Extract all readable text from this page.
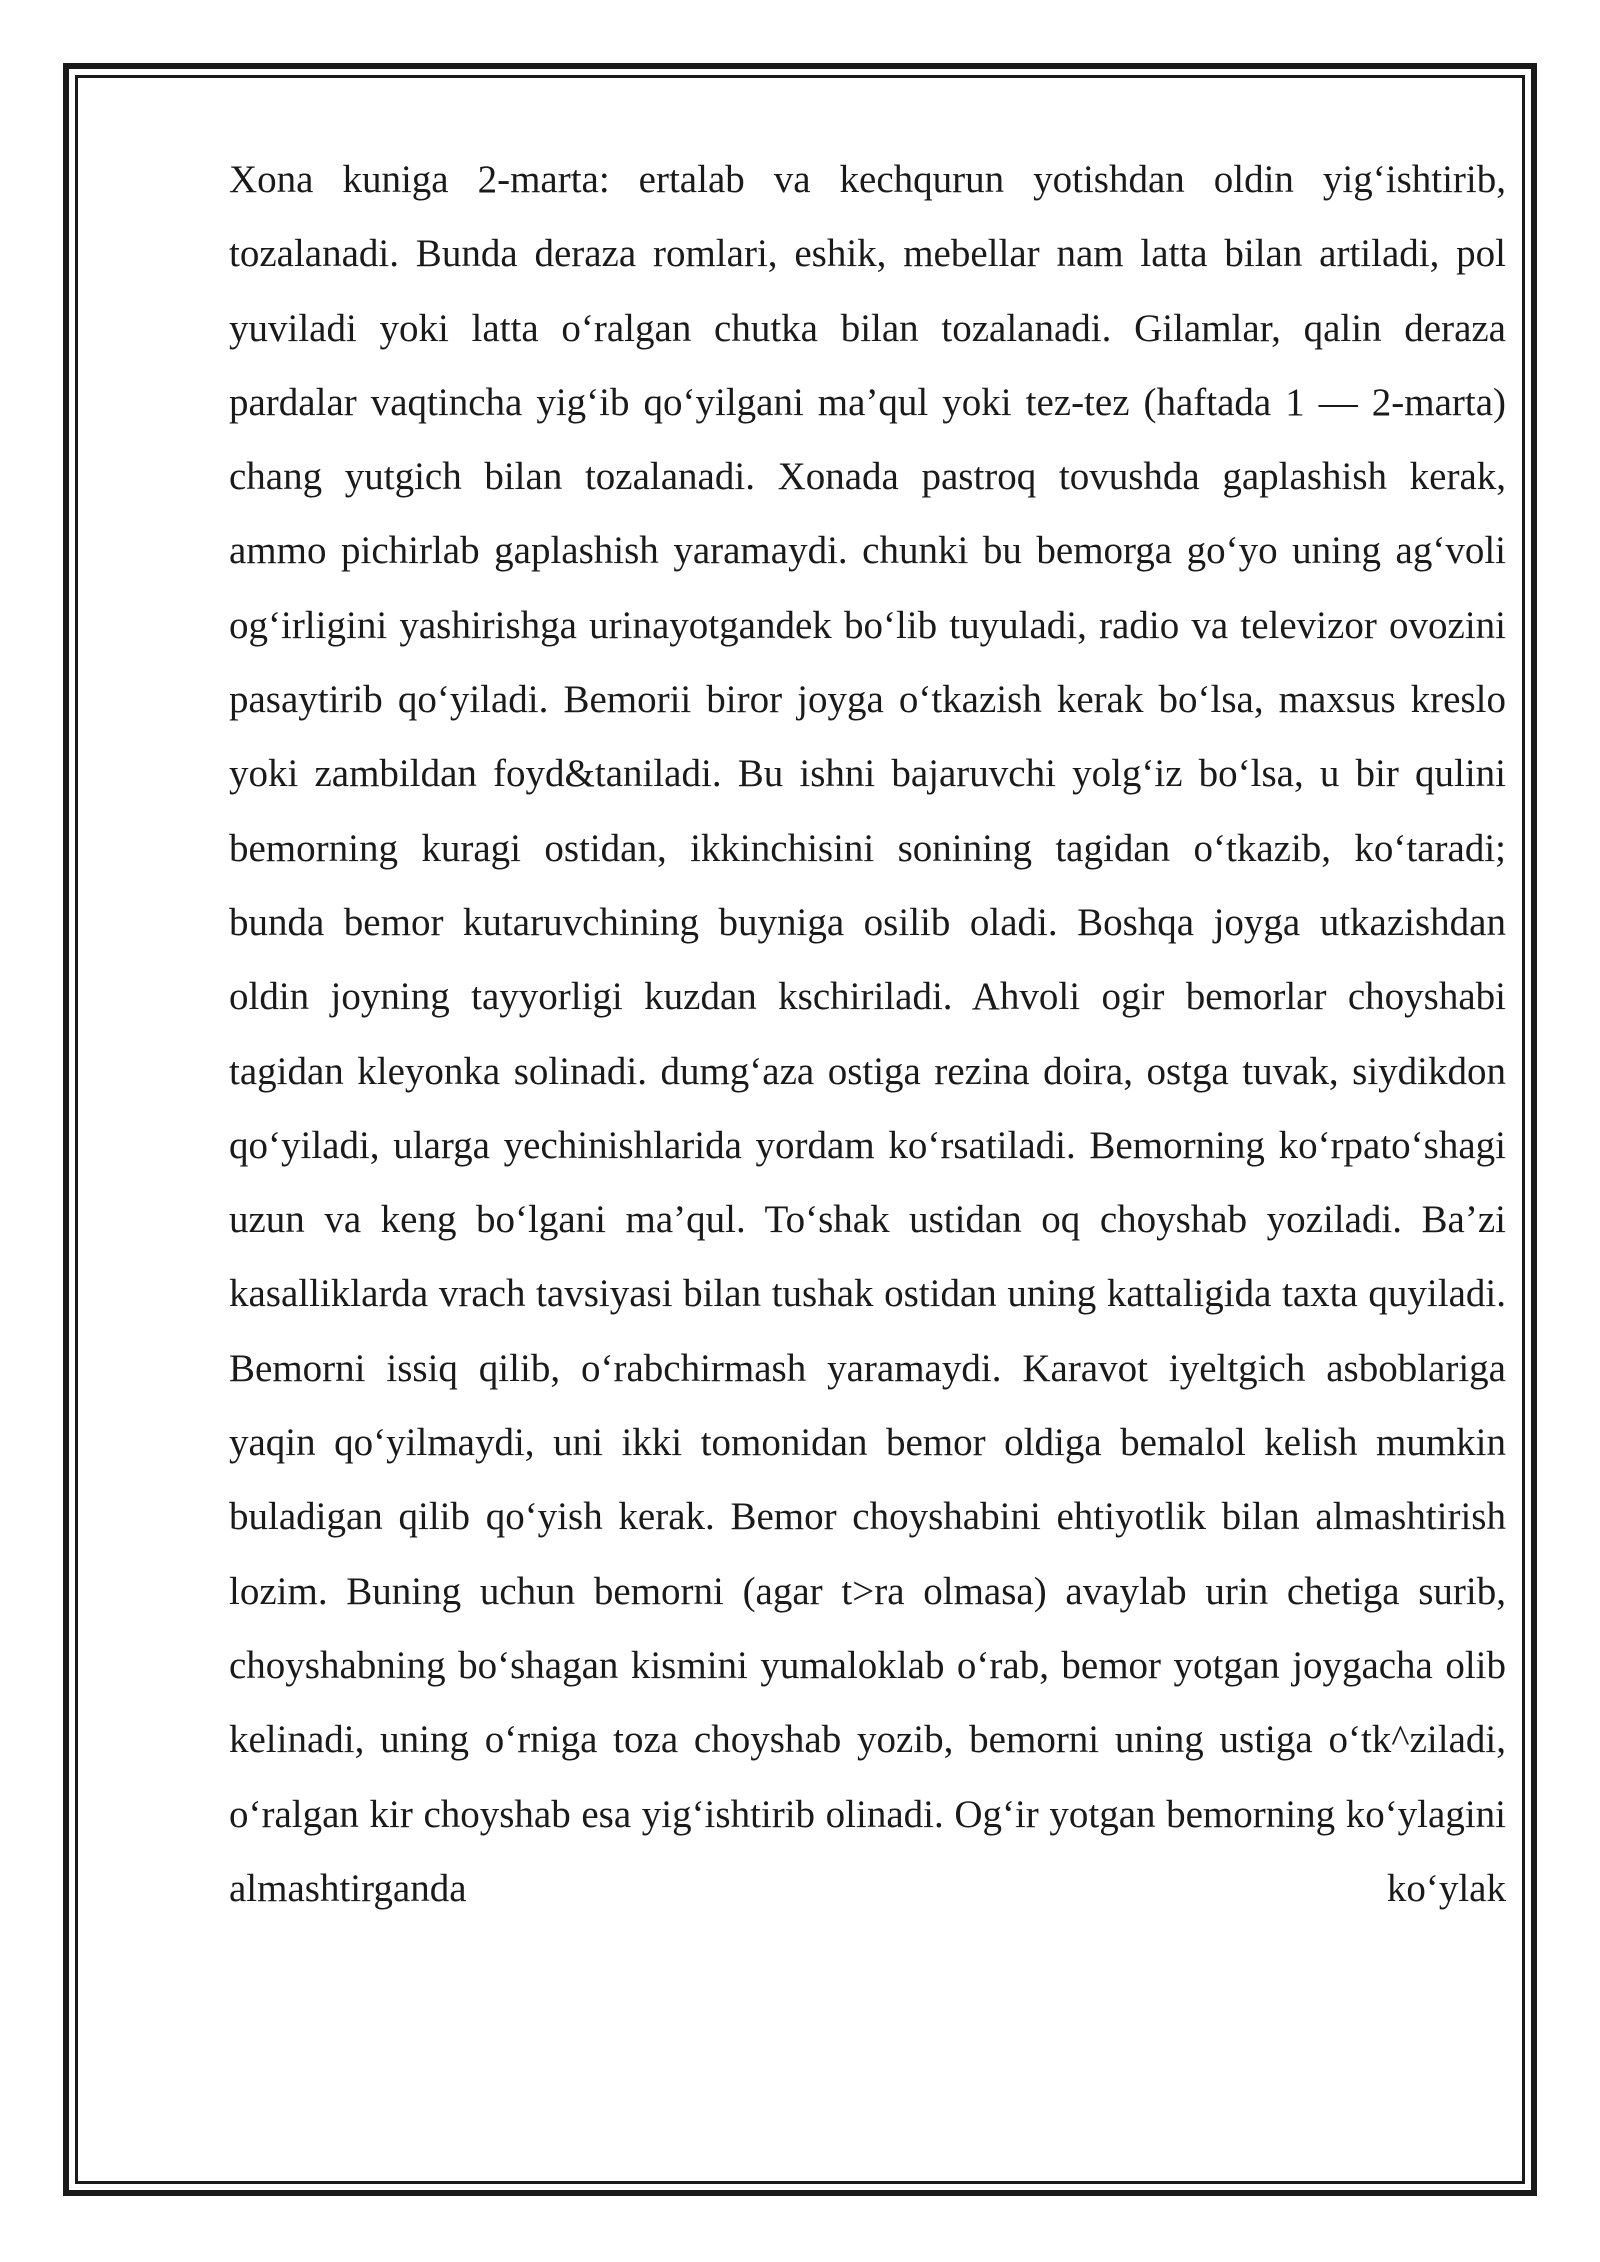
Xona kuniga 2-marta: ertalab va kechqurun yotishdan oldin yig‘ishtirib, tozalanadi. Bunda deraza romlari, eshik, mebellar nam latta bilan artiladi, pol yuviladi yoki latta o‘ralgan chutka bilan tozalanadi. Gilamlar, qalin deraza pardalar vaqtincha yig‘ib qo‘yilgani ma’qul yoki tez-tez (haftada 1 — 2-marta) chang yutgich bilan tozalanadi. Xonada pastroq tovushda gaplashish kerak, ammo pichirlab gaplashish yaramaydi. chunki bu bemorga go‘yo uning ag‘voli og‘irligini yashirishga urinayotgandek bo‘lib tuyuladi, radio va televizor ovozini pasaytirib qo‘yiladi. Bemorii biror joyga o‘tkazish kerak bo‘lsa, maxsus kreslo yoki zambildan foyd&taniladi. Bu ishni bajaruvchi yolg‘iz bo‘lsa, u bir qulini bemorning kuragi ostidan, ikkinchisini sonining tagidan o‘tkazib, ko‘taradi; bunda bemor kutaruvchining buyniga osilib oladi. Boshqa joyga utkazishdan oldin joyning tayyorligi kuzdan kschiriladi. Ahvoli ogir bemorlar choyshabi tagidan kleyonka solinadi. dumg‘aza ostiga rezina doira, ostga tuvak, siydikdon qo‘yiladi, ularga yechinishlarida yordam ko‘rsatiladi. Bemorning ko‘rpato‘shagi uzun va keng bo‘lgani ma’qul. To‘shak ustidan oq choyshab yoziladi. Ba’zi kasalliklarda vrach tavsiyasi bilan tushak ostidan uning kattaligida taxta quyiladi. Bemorni issiq qilib, o‘rabchirmash yaramaydi. Karavot iyeltgich asboblariga yaqin qo‘yilmaydi, uni ikki tomonidan bemor oldiga bemalol kelish mumkin buladigan qilib qo‘yish kerak. Bemor choyshabini ehtiyotlik bilan almashtirish lozim. Buning uchun bemorni (agar t>ra olmasa) avaylab urin chetiga surib, choyshabning bo‘shagan kismini yumaloklab o‘rab, bemor yotgan joygacha olib kelinadi, uning o‘rniga toza choyshab yozib, bemorni uning ustiga o‘tk^ziladi, o‘ralgan kir choyshab esa yig‘ishtirib olinadi. Og‘ir yotgan bemorning ko‘ylagini almashtirganda ko‘ylak
